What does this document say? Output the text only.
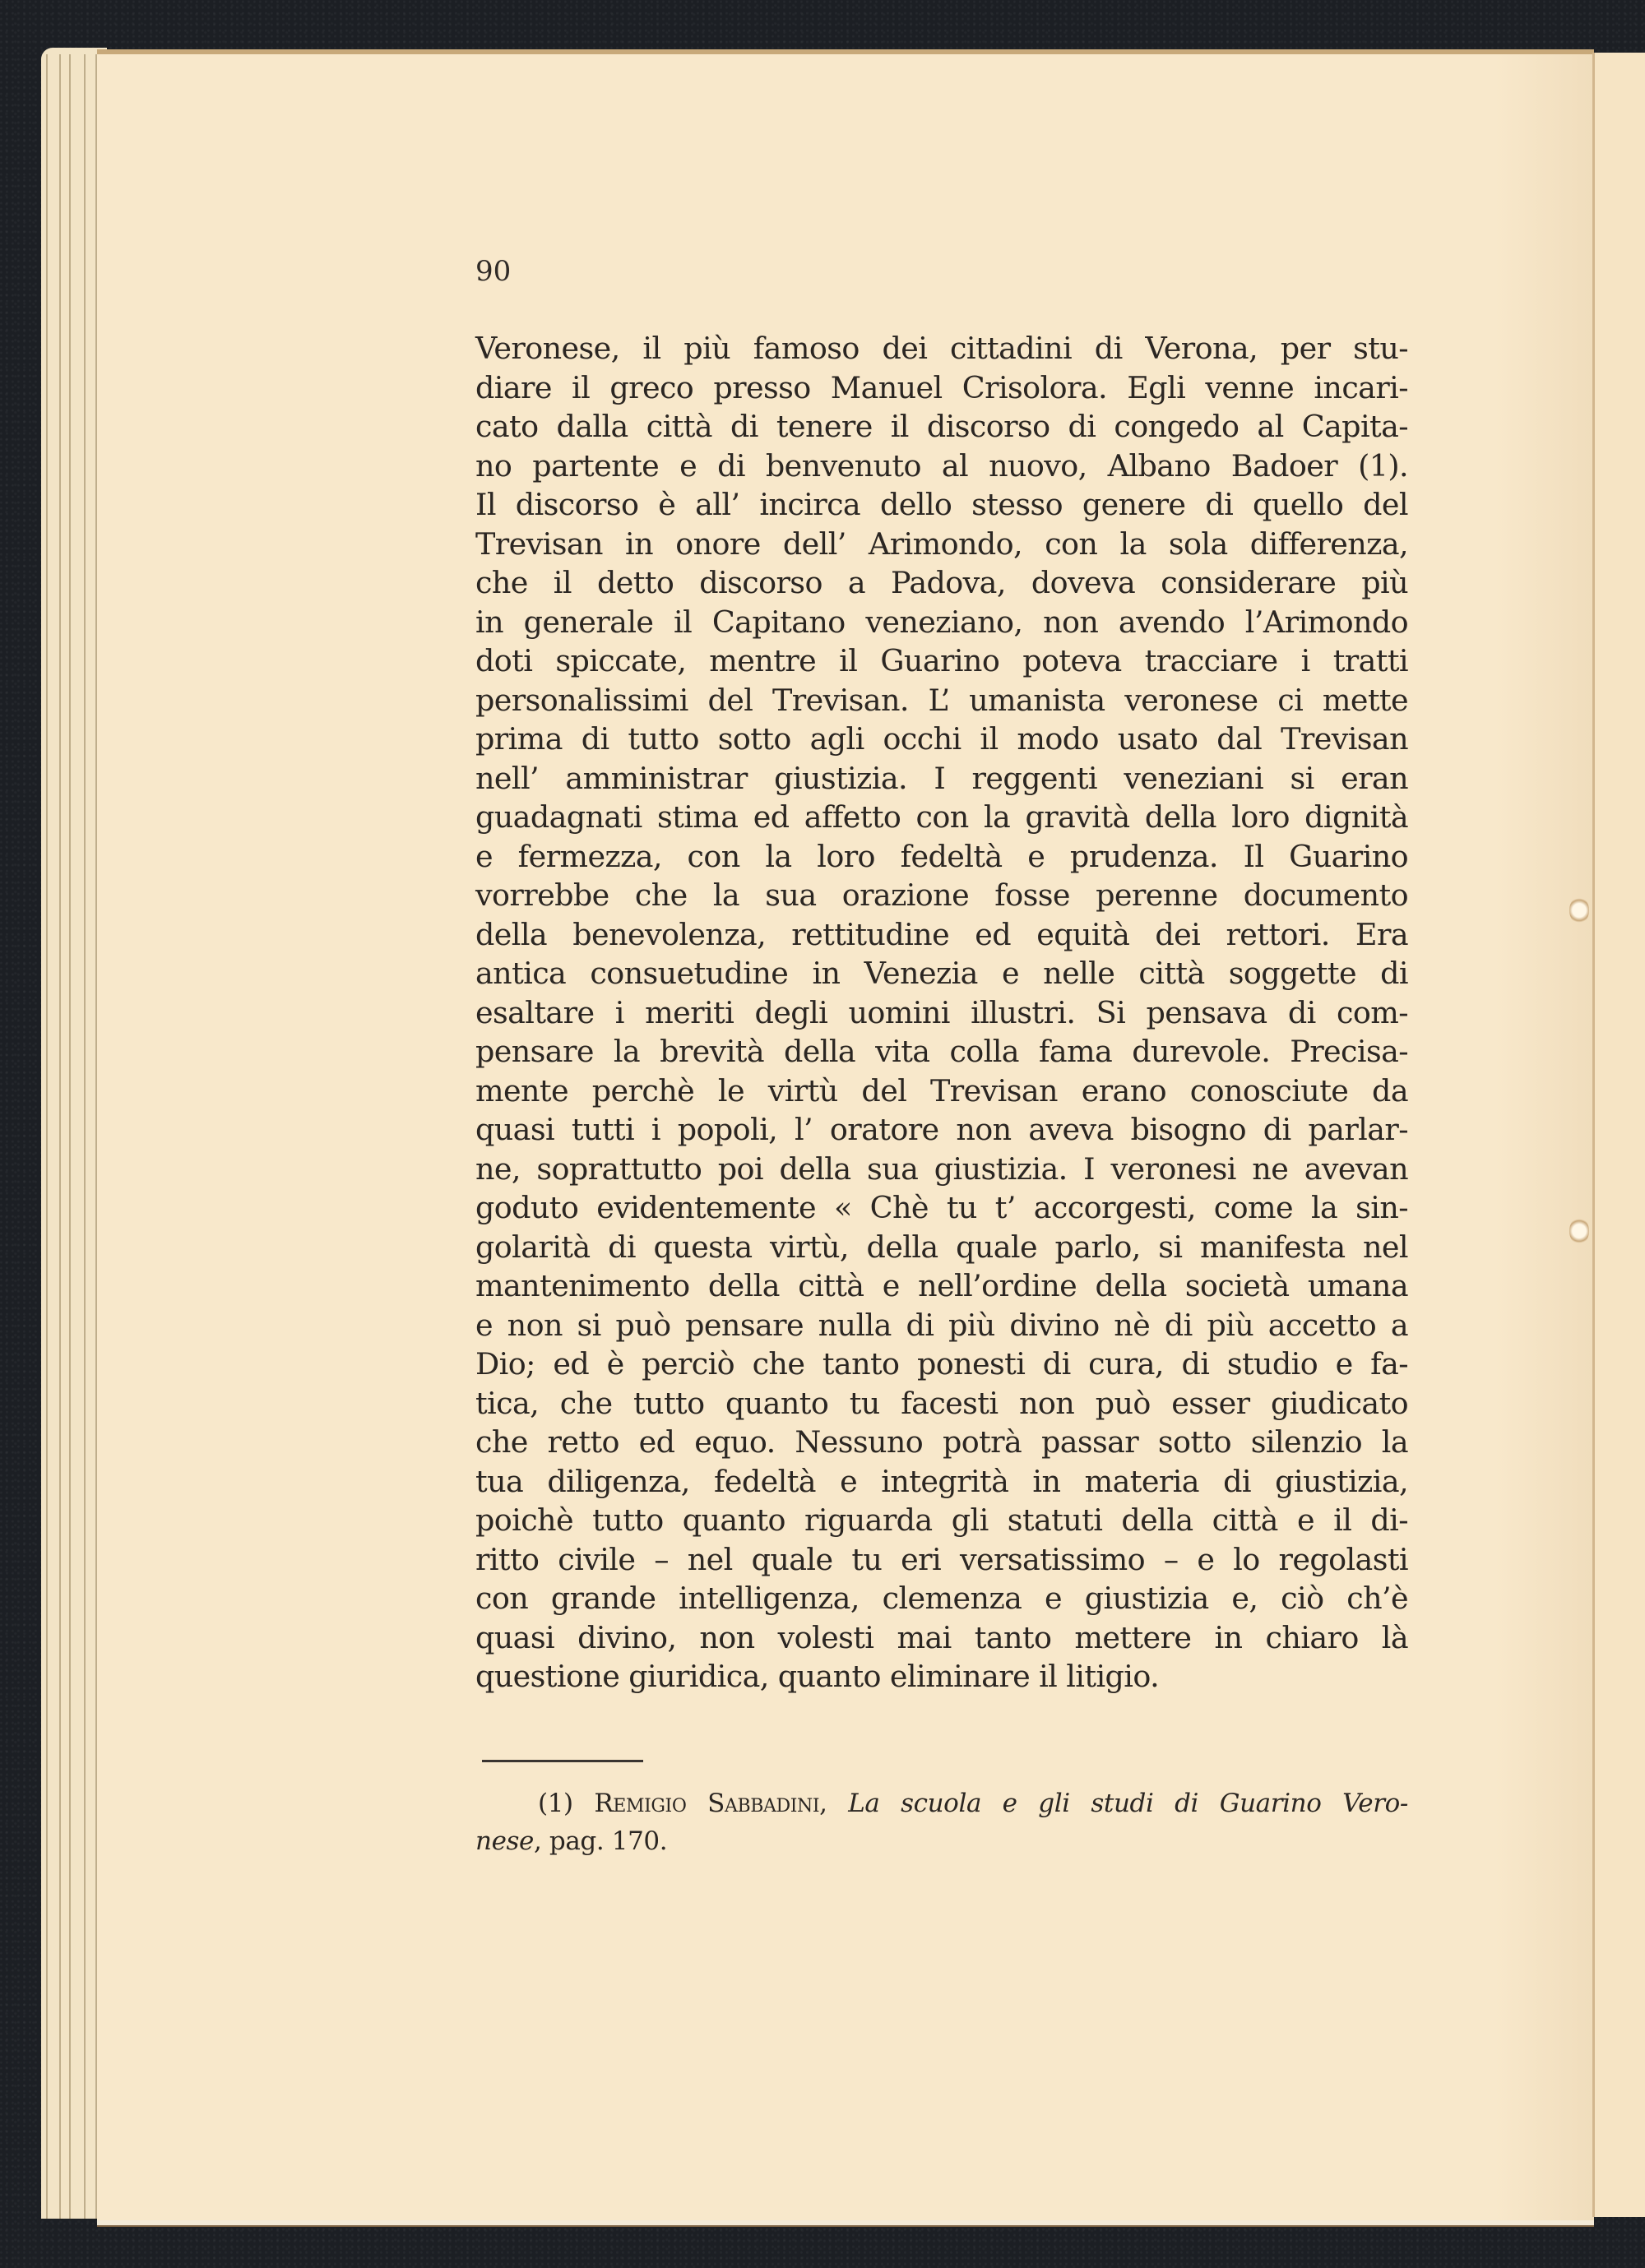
90
Veronese, il più famoso dei cittadini di Verona, per stu-
diare il greco presso Manuel Crisolora. Egli venne incari-
cato dalla città di tenere il discorso di congedo al Capita-
no partente e di benvenuto al nuovo, Albano Badoer (1).
Il discorso è all’ incirca dello stesso genere di quello del
Trevisan in onore dell’ Arimondo, con la sola differenza,
che il detto discorso a Padova, doveva considerare più
in generale il Capitano veneziano, non avendo l’Arimondo
doti spiccate, mentre il Guarino poteva tracciare i tratti
personalissimi del Trevisan. L’ umanista veronese ci mette
prima di tutto sotto agli occhi il modo usato dal Trevisan
nell’ amministrar giustizia. I reggenti veneziani si eran
guadagnati stima ed affetto con la gravità della loro dignità
e fermezza, con la loro fedeltà e prudenza. Il Guarino
vorrebbe che la sua orazione fosse perenne documento
della benevolenza, rettitudine ed equità dei rettori. Era
antica consuetudine in Venezia e nelle città soggette di
esaltare i meriti degli uomini illustri. Si pensava di com-
pensare la brevità della vita colla fama durevole. Precisa-
mente perchè le virtù del Trevisan erano conosciute da
quasi tutti i popoli, l’ oratore non aveva bisogno di parlar-
ne, soprattutto poi della sua giustizia. I veronesi ne avevan
goduto evidentemente « Chè tu t’ accorgesti, come la sin-
golarità di questa virtù, della quale parlo, si manifesta nel
mantenimento della città e nell’ordine della società umana
e non si può pensare nulla di più divino nè di più accetto a
Dio; ed è perciò che tanto ponesti di cura, di studio e fa-
tica, che tutto quanto tu facesti non può esser giudicato
che retto ed equo. Nessuno potrà passar sotto silenzio la
tua diligenza, fedeltà e integrità in materia di giustizia,
poichè tutto quanto riguarda gli statuti della città e il di-
ritto civile – nel quale tu eri versatissimo – e lo regolasti
con grande intelligenza, clemenza e giustizia e, ciò ch’è
quasi divino, non volesti mai tanto mettere in chiaro là
questione giuridica, quanto eliminare il litigio.
(1) Remigio Sabbadini, La scuola e gli studi di Guarino Vero-
nese, pag. 170.
